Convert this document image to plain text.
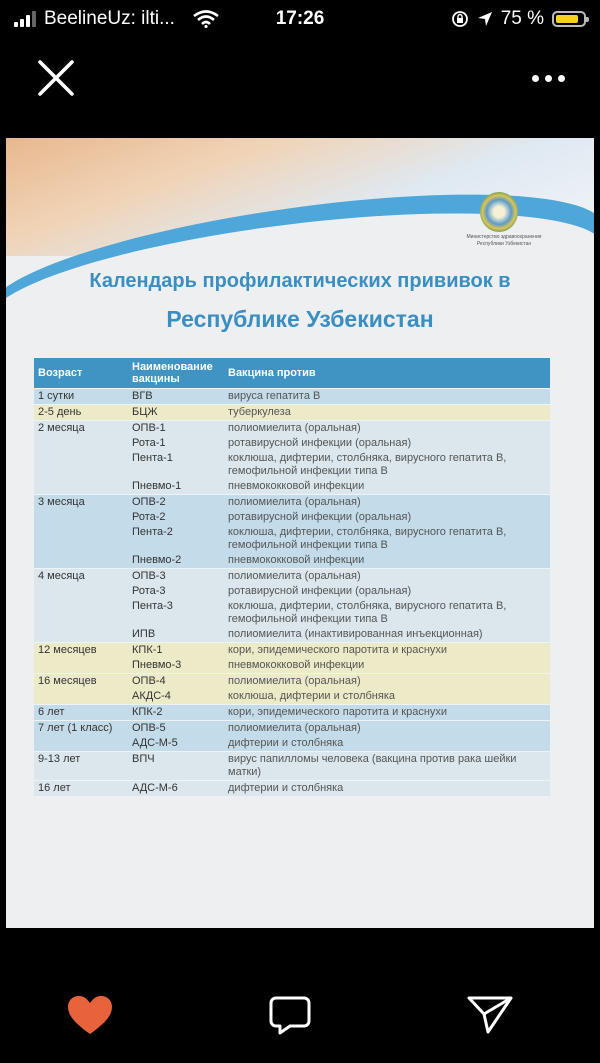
BeelineUz: ilti...	17:26	75 %
Министерство здравоохранения Республики Узбекистан
Календарь профилактических прививок в
Республике Узбекистан
Возраст	Наименование вакцины	Вакцина против
1 сутки	ВГВ	вируса гепатита В
2-5 день	БЦЖ	туберкулеза
2 месяца	ОПВ-1	полиомиелита (оральная)
	Рота-1	ротавирусной инфекции (оральная)
	Пента-1	коклюша, дифтерии, столбняка, вирусного гепатита В, гемофильной инфекции типа В
	Пневмо-1	пневмококковой инфекции
3 месяца	ОПВ-2	полиомиелита (оральная)
	Рота-2	ротавирусной инфекции (оральная)
	Пента-2	коклюша, дифтерии, столбняка, вирусного гепатита В, гемофильной инфекции типа В
	Пневмо-2	пневмококковой инфекции
4 месяца	ОПВ-3	полиомиелита (оральная)
	Рота-3	ротавирусной инфекции (оральная)
	Пента-3	коклюша, дифтерии, столбняка, вирусного гепатита В, гемофильной инфекции типа В
	ИПВ	полиомиелита (инактивированная инъекционная)
12 месяцев	КПК-1	кори, эпидемического паротита и краснухи
	Пневмо-3	пневмококковой инфекции
16 месяцев	ОПВ-4	полиомиелита (оральная)
	АКДС-4	коклюша, дифтерии и столбняка
6 лет	КПК-2	кори, эпидемического паротита и краснухи
7 лет (1 класс)	ОПВ-5	полиомиелита (оральная)
	АДС-М-5	дифтерии и столбняка
9-13 лет	ВПЧ	вирус папилломы человека (вакцина против рака шейки матки)
16 лет	АДС-М-6	дифтерии и столбняка
